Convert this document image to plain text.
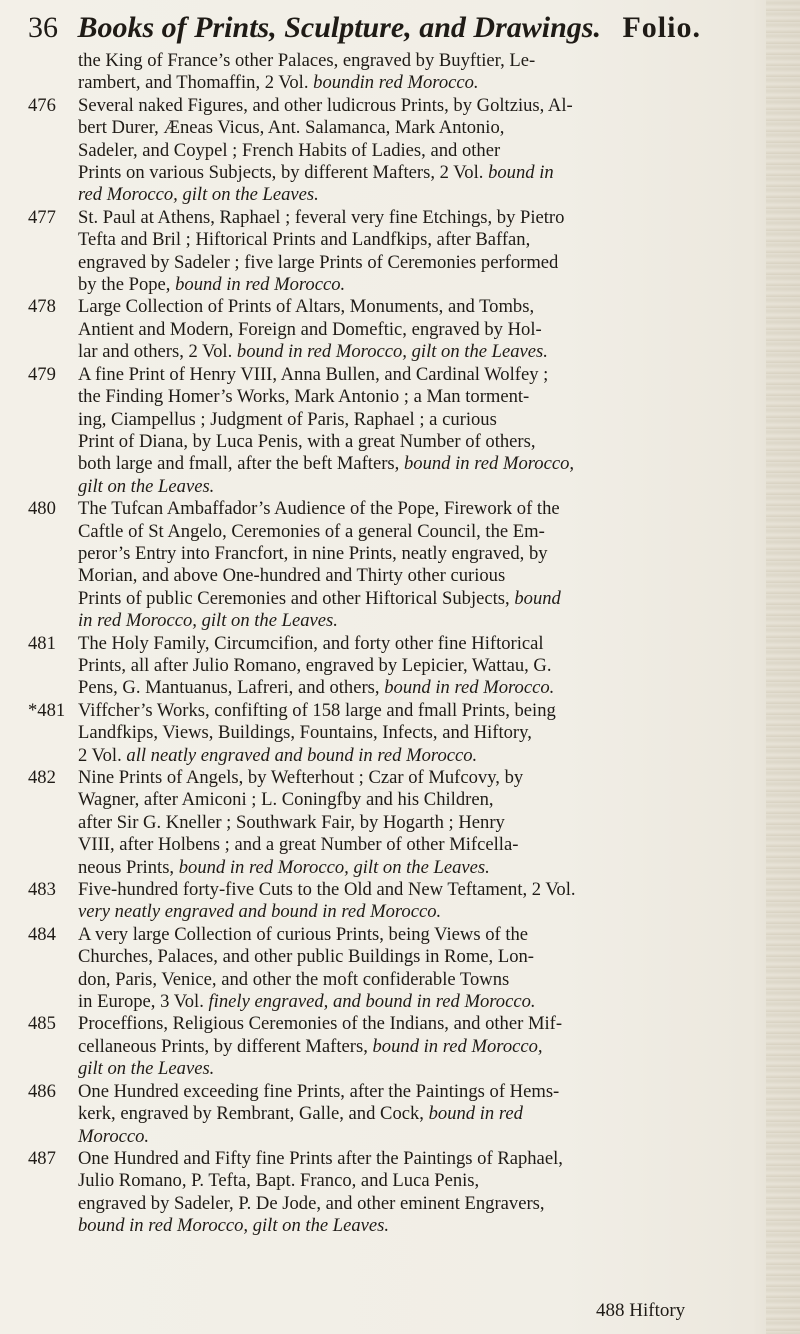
36 Books of Prints, Sculpture, and Drawings. Folio.
the King of France’s other Palaces, engraved by Buyftier, Le-
rambert, and Thomaffin, 2 Vol. boundin red Morocco.
476	Several naked Figures, and other ludicrous Prints, by Goltzius, Al-
bert Durer, Æneas Vicus, Ant. Salamanca, Mark Antonio,
Sadeler, and Coypel ; French Habits of Ladies, and other
Prints on various Subjects, by different Mafters, 2 Vol. bound in
red Morocco, gilt on the Leaves.
477	St. Paul at Athens, Raphael ; feveral very fine Etchings, by Pietro
Tefta and Bril ; Hiftorical Prints and Landfkips, after Baffan,
engraved by Sadeler ; five large Prints of Ceremonies performed
by the Pope, bound in red Morocco.
478	Large Collection of Prints of Altars, Monuments, and Tombs,
Antient and Modern, Foreign and Domeftic, engraved by Hol-
lar and others, 2 Vol. bound in red Morocco, gilt on the Leaves.
479	A fine Print of Henry VIII, Anna Bullen, and Cardinal Wolfey ;
the Finding Homer’s Works, Mark Antonio ; a Man torment-
ing, Ciampellus ; Judgment of Paris, Raphael ; a curious
Print of Diana, by Luca Penis, with a great Number of others,
both large and fmall, after the beft Mafters, bound in red Morocco,
gilt on the Leaves.
480	The Tufcan Ambaffador’s Audience of the Pope, Firework of the
Caftle of St Angelo, Ceremonies of a general Council, the Em-
peror’s Entry into Francfort, in nine Prints, neatly engraved, by
Morian, and above One-hundred and Thirty other curious
Prints of public Ceremonies and other Hiftorical Subjects, bound
in red Morocco, gilt on the Leaves.
481	The Holy Family, Circumcifion, and forty other fine Hiftorical
Prints, all after Julio Romano, engraved by Lepicier, Wattau, G.
Pens, G. Mantuanus, Lafreri, and others, bound in red Morocco.
*481 Viffcher’s Works, confifting of 158 large and fmall Prints, being
Landfkips, Views, Buildings, Fountains, Infects, and Hiftory,
2 Vol. all neatly engraved and bound in red Morocco.
482	Nine Prints of Angels, by Wefterhout ; Czar of Mufcovy, by
Wagner, after Amiconi ; L. Coningfby and his Children,
after Sir G. Kneller ; Southwark Fair, by Hogarth ; Henry
VIII, after Holbens ; and a great Number of other Mifcella-
neous Prints, bound in red Morocco, gilt on the Leaves.
483	Five-hundred forty-five Cuts to the Old and New Teftament, 2 Vol.
very neatly engraved and bound in red Morocco.
484	A very large Collection of curious Prints, being Views of the
Churches, Palaces, and other public Buildings in Rome, Lon-
don, Paris, Venice, and other the moft confiderable Towns
in Europe, 3 Vol. finely engraved, and bound in red Morocco.
485	Proceffions, Religious Ceremonies of the Indians, and other Mif-
cellaneous Prints, by different Mafters, bound in red Morocco,
gilt on the Leaves.
486	One Hundred exceeding fine Prints, after the Paintings of Hems-
kerk, engraved by Rembrant, Galle, and Cock, bound in red
Morocco.
487	One Hundred and Fifty fine Prints after the Paintings of Raphael,
Julio Romano, P. Tefta, Bapt. Franco, and Luca Penis,
engraved by Sadeler, P. De Jode, and other eminent Engravers,
bound in red Morocco, gilt on the Leaves.
488 Hiftory
